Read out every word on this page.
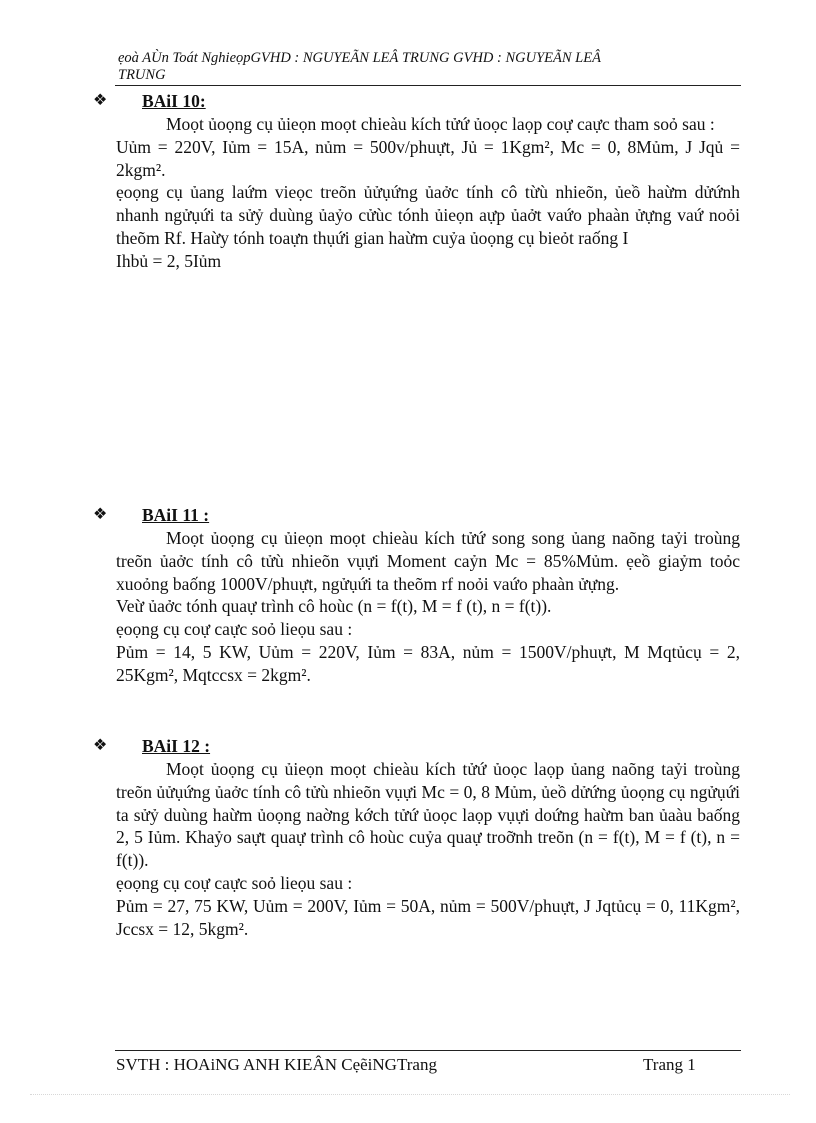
ẹoà AÙn Toát NghieọpGVHD : NGUYEÃN LEÂ TRUNG GVHD : NGUYEÃN LEÂ
TRUNG
❖ BAiI 10:

Moọt ủoọng cụ ủieọn moọt chieàu kích tửứ ủoọc laọp coự caực tham soỏ sau :

Uủm = 220V, Iủm = 15A, nủm = 500v/phuựt, Jủ = 1Kgm², Mc = 0, 8Mủm, J Jqủ = 2kgm².

ẹoọng cụ ủang laứm vieọc treõn ủửụứng ủaởc tính cô từù nhieõn, ủeồ haừm dửứnh nhanh ngửụứi ta sửỷ duùng ủaỷo cửùc tónh ủieọn aựp ủaởt vaứo phaàn ửựng vaứ noỏi theõm Rf. Haừy tónh toaựn thụứi gian haừm cuỷa ủoọng cụ bieỏt raống I

Ihbủ = 2, 5Iủm

❖ BAiI 11 :

Moọt ủoọng cụ ủieọn moọt chieàu kích tửứ song song ủang naõng taỷi troùng treõn ủaởc tính cô tửù nhieõn vụựi Moment caỷn Mc = 85%Mủm. ẹeồ giaỷm toỏc xuoỏng baống 1000V/phuựt, ngửụứi ta theõm rf noỏi vaứo phaàn ửựng.

Veừ ủaởc tónh quaự trình cô hoùc (n = f(t), M = f (t), n = f(t)).

ẹoọng cụ coự caực soỏ lieọu sau :

Pủm = 14, 5 KW, Uủm = 220V, Iủm = 83A, nủm = 1500V/phuựt, M Mqtủcụ = 2, 25Kgm², Mqtccsx = 2kgm².

❖ BAiI 12 :

Moọt ủoọng cụ ủieọn moọt chieàu kích tửứ ủoọc laọp ủang naõng taỷi troùng treõn ủửụứng ủaởc tính cô tửù nhieõn vụựi Mc = 0, 8 Mủm, ủeồ dửứng ủoọng cụ ngửụứi ta sửỷ duùng haừm ủoọng naờng kớch tửứ ủoọc laọp vụựi doứng haừm ban ủaàu baống 2, 5 Iủm. Khaỷo saựt quaự trình cô hoùc cuỷa quaự troỡnh treõn (n = f(t), M = f (t), n = f(t)).

ẹoọng cụ coự caực soỏ lieọu sau :

Pủm = 27, 75 KW, Uủm = 200V, Iủm = 50A, nủm = 500V/phuựt, J Jqtủcụ = 0, 11Kgm², Jccsx = 12, 5kgm².

SVTH : HOAiNG ANH KIEÂN CẹẽiNGTrang	Trang 1
